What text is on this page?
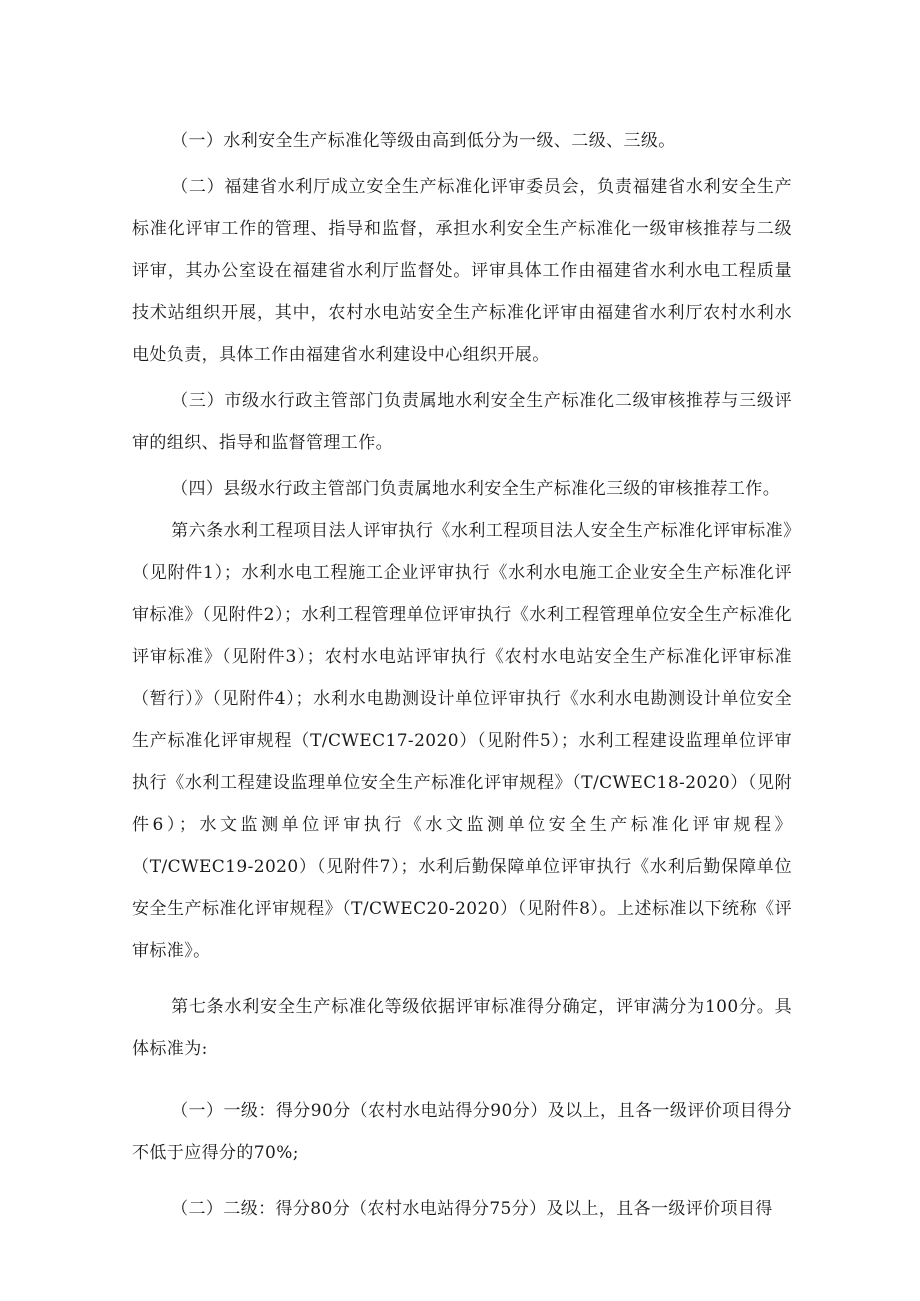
（一）水利安全生产标准化等级由高到低分为一级、二级、三级。

（二）福建省水利厅成立安全生产标准化评审委员会，负责福建省水利安全生产标准化评审工作的管理、指导和监督，承担水利安全生产标准化一级审核推荐与二级评审，其办公室设在福建省水利厅监督处。评审具体工作由福建省水利水电工程质量技术站组织开展，其中，农村水电站安全生产标准化评审由福建省水利厅农村水利水电处负责，具体工作由福建省水利建设中心组织开展。

（三）市级水行政主管部门负责属地水利安全生产标准化二级审核推荐与三级评审的组织、指导和监督管理工作。

（四）县级水行政主管部门负责属地水利安全生产标准化三级的审核推荐工作。

第六条水利工程项目法人评审执行《水利工程项目法人安全生产标准化评审标准》（见附件1）；水利水电工程施工企业评审执行《水利水电施工企业安全生产标准化评审标准》（见附件2）；水利工程管理单位评审执行《水利工程管理单位安全生产标准化评审标准》（见附件3）；农村水电站评审执行《农村水电站安全生产标准化评审标准（暂行）》（见附件4）；水利水电勘测设计单位评审执行《水利水电勘测设计单位安全生产标准化评审规程（T/CWEC17-2020）（见附件5）；水利工程建设监理单位评审执行《水利工程建设监理单位安全生产标准化评审规程》（T/CWEC18-2020）（见附件6）；水文监测单位评审执行《水文监测单位安全生产标准化评审规程》（T/CWEC19-2020）（见附件7）；水利后勤保障单位评审执行《水利后勤保障单位安全生产标准化评审规程》（T/CWEC20-2020）（见附件8）。上述标准以下统称《评审标准》。

第七条水利安全生产标准化等级依据评审标准得分确定，评审满分为100分。具体标准为:

（一）一级：得分90分（农村水电站得分90分）及以上，且各一级评价项目得分不低于应得分的70%;

（二）二级：得分80分（农村水电站得分75分）及以上，且各一级评价项目得
